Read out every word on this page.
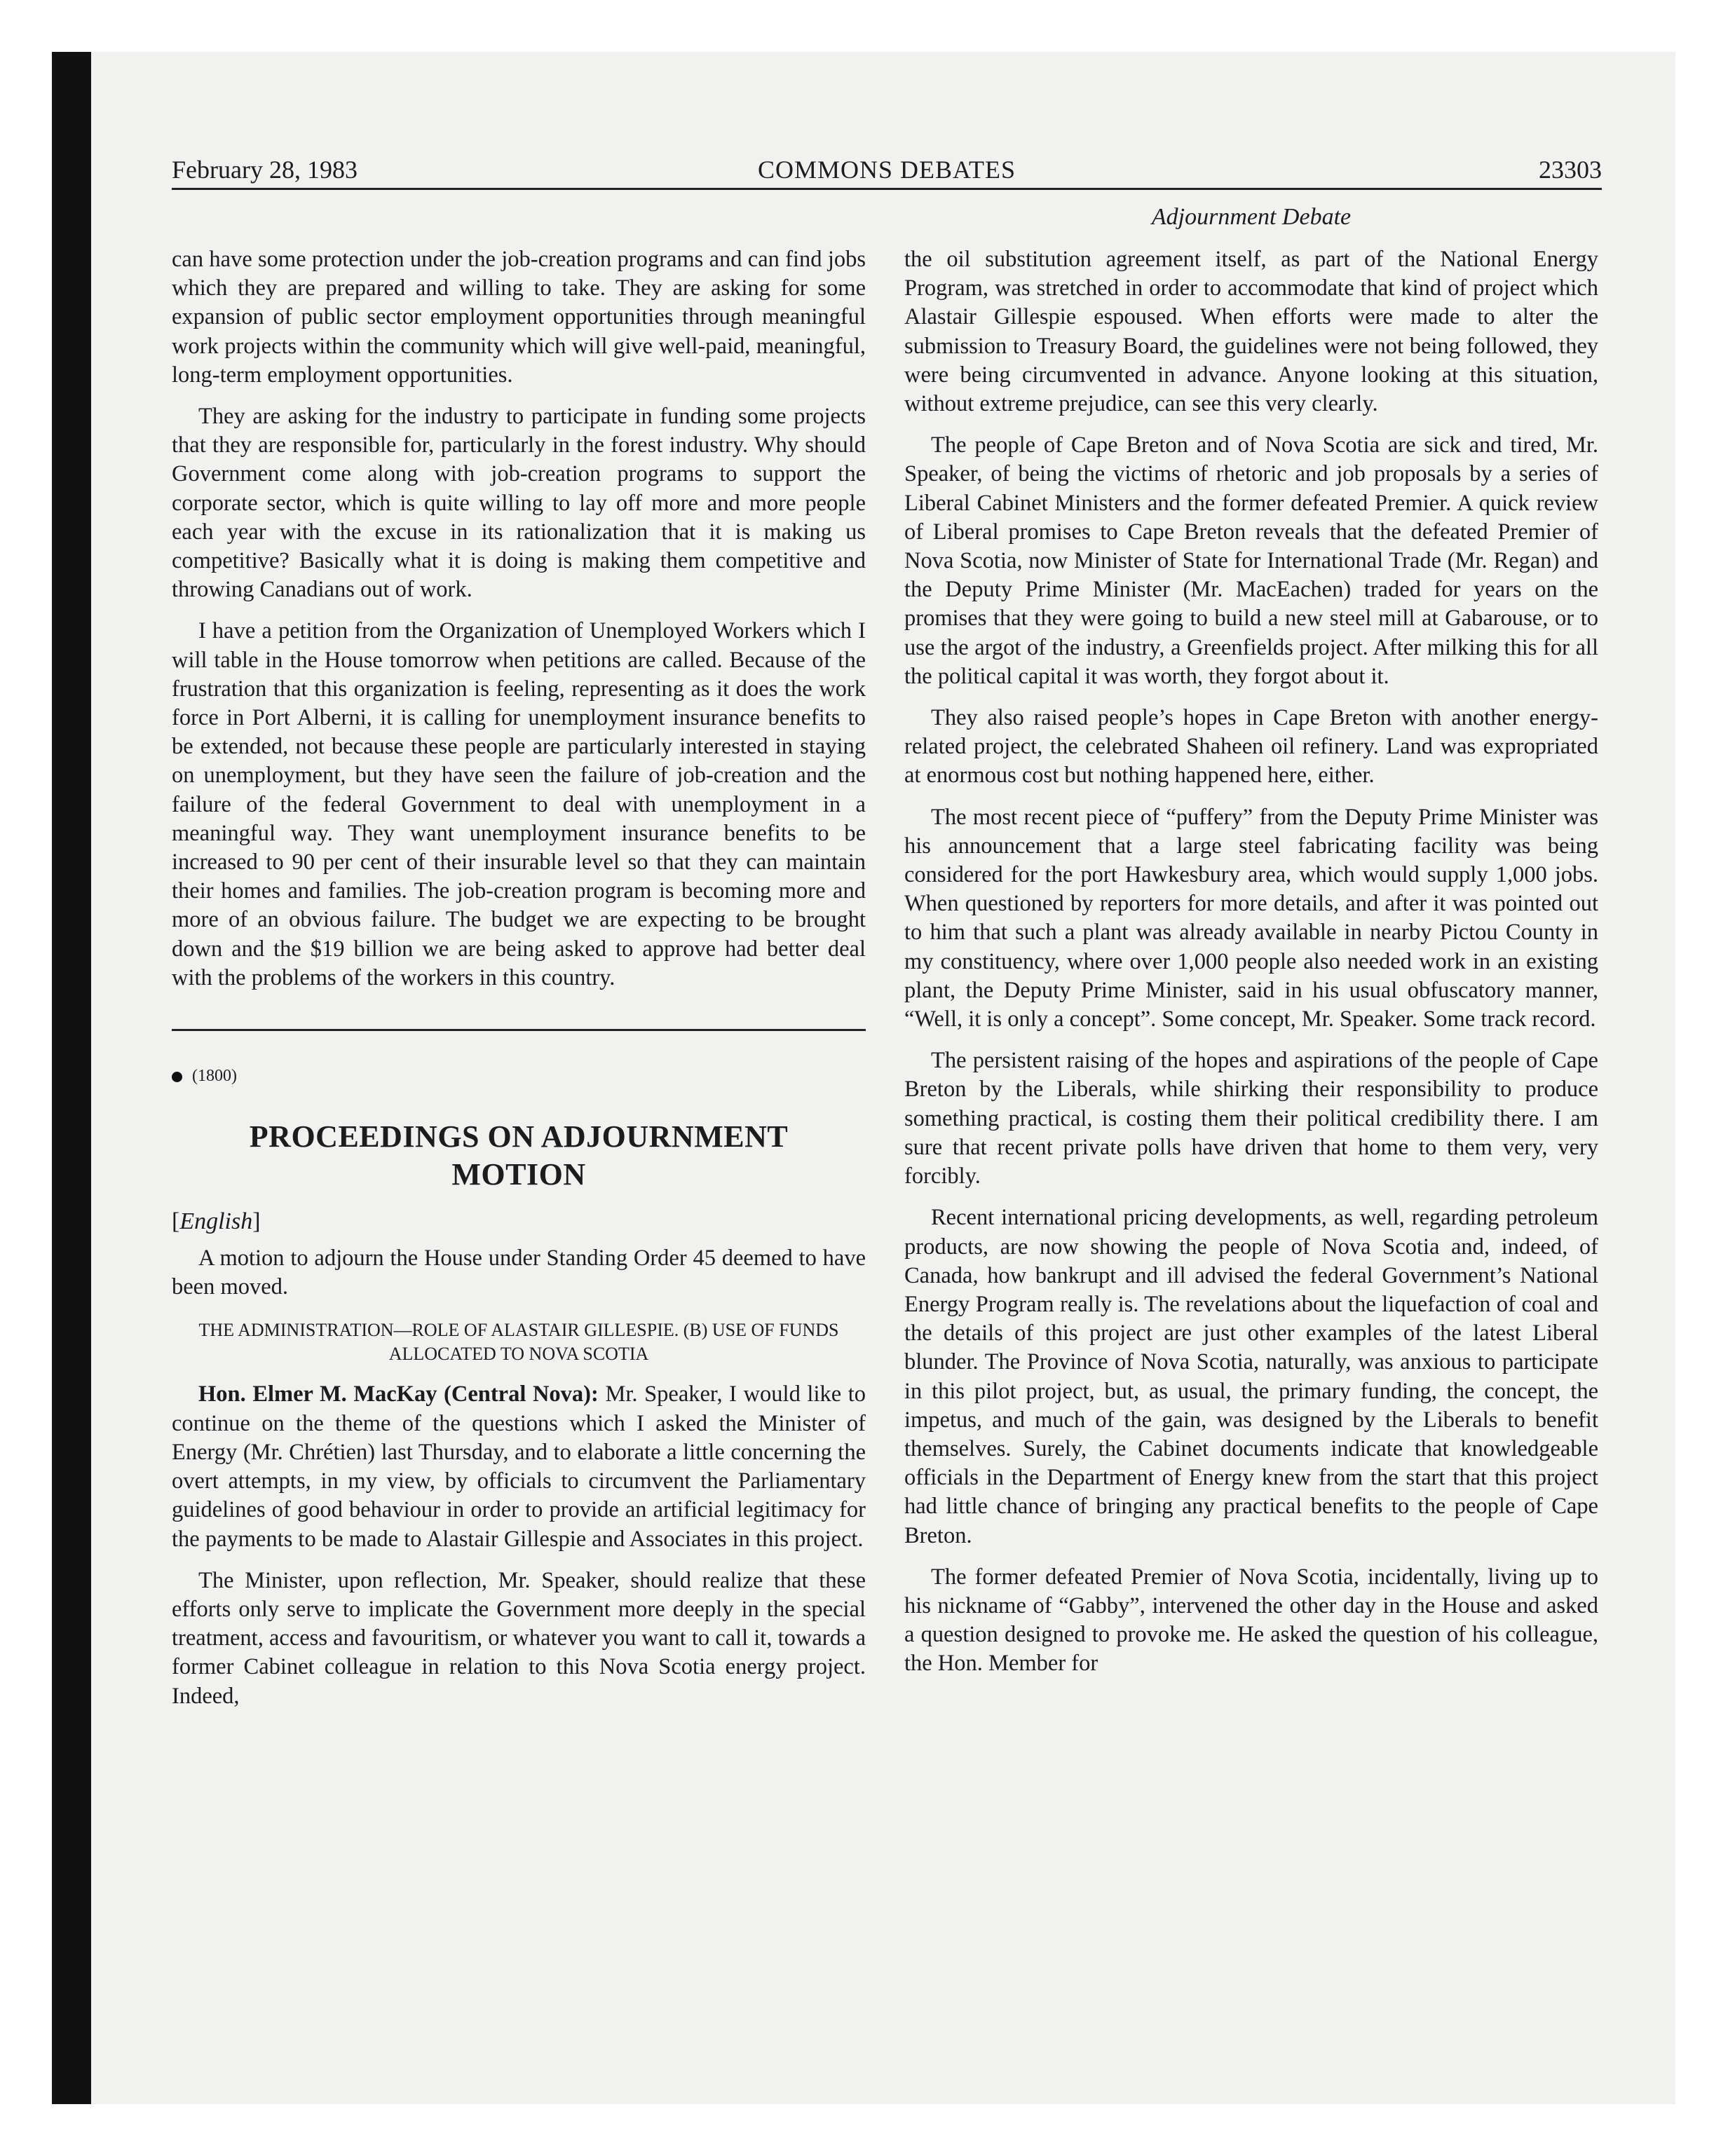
February 28, 1983	COMMONS DEBATES	23303
Adjournment Debate

can have some protection under the job-creation programs and can find jobs which they are prepared and willing to take. They are asking for some expansion of public sector employment opportunities through meaningful work projects within the community which will give well-paid, meaningful, long-term employment opportunities.

They are asking for the industry to participate in funding some projects that they are responsible for, particularly in the forest industry. Why should Government come along with job-creation programs to support the corporate sector, which is quite willing to lay off more and more people each year with the excuse in its rationalization that it is making us competitive? Basically what it is doing is making them competitive and throwing Canadians out of work.

I have a petition from the Organization of Unemployed Workers which I will table in the House tomorrow when petitions are called. Because of the frustration that this organization is feeling, representing as it does the work force in Port Alberni, it is calling for unemployment insurance benefits to be extended, not because these people are particularly interested in staying on unemployment, but they have seen the failure of job-creation and the failure of the federal Government to deal with unemployment in a meaningful way. They want unemployment insurance benefits to be increased to 90 per cent of their insurable level so that they can maintain their homes and families. The job-creation program is becoming more and more of an obvious failure. The budget we are expecting to be brought down and the $19 billion we are being asked to approve had better deal with the problems of the workers in this country.

(1800)
PROCEEDINGS ON ADJOURNMENT MOTION
[English]

A motion to adjourn the House under Standing Order 45 deemed to have been moved.

THE ADMINISTRATION—ROLE OF ALASTAIR GILLESPIE. (B) USE OF FUNDS ALLOCATED TO NOVA SCOTIA

Hon. Elmer M. MacKay (Central Nova): Mr. Speaker, I would like to continue on the theme of the questions which I asked the Minister of Energy (Mr. Chrétien) last Thursday, and to elaborate a little concerning the overt attempts, in my view, by officials to circumvent the Parliamentary guidelines of good behaviour in order to provide an artificial legitimacy for the payments to be made to Alastair Gillespie and Associates in this project.

The Minister, upon reflection, Mr. Speaker, should realize that these efforts only serve to implicate the Government more deeply in the special treatment, access and favouritism, or whatever you want to call it, towards a former Cabinet colleague in relation to this Nova Scotia energy project. Indeed,

the oil substitution agreement itself, as part of the National Energy Program, was stretched in order to accommodate that kind of project which Alastair Gillespie espoused. When efforts were made to alter the submission to Treasury Board, the guidelines were not being followed, they were being circumvented in advance. Anyone looking at this situation, without extreme prejudice, can see this very clearly.

The people of Cape Breton and of Nova Scotia are sick and tired, Mr. Speaker, of being the victims of rhetoric and job proposals by a series of Liberal Cabinet Ministers and the former defeated Premier. A quick review of Liberal promises to Cape Breton reveals that the defeated Premier of Nova Scotia, now Minister of State for International Trade (Mr. Regan) and the Deputy Prime Minister (Mr. MacEachen) traded for years on the promises that they were going to build a new steel mill at Gabarouse, or to use the argot of the industry, a Greenfields project. After milking this for all the political capital it was worth, they forgot about it.

They also raised people’s hopes in Cape Breton with another energy-related project, the celebrated Shaheen oil refinery. Land was expropriated at enormous cost but nothing happened here, either.

The most recent piece of “puffery” from the Deputy Prime Minister was his announcement that a large steel fabricating facility was being considered for the port Hawkesbury area, which would supply 1,000 jobs. When questioned by reporters for more details, and after it was pointed out to him that such a plant was already available in nearby Pictou County in my constituency, where over 1,000 people also needed work in an existing plant, the Deputy Prime Minister, said in his usual obfuscatory manner, “Well, it is only a concept”. Some concept, Mr. Speaker. Some track record.

The persistent raising of the hopes and aspirations of the people of Cape Breton by the Liberals, while shirking their responsibility to produce something practical, is costing them their political credibility there. I am sure that recent private polls have driven that home to them very, very forcibly.

Recent international pricing developments, as well, regarding petroleum products, are now showing the people of Nova Scotia and, indeed, of Canada, how bankrupt and ill advised the federal Government’s National Energy Program really is. The revelations about the liquefaction of coal and the details of this project are just other examples of the latest Liberal blunder. The Province of Nova Scotia, naturally, was anxious to participate in this pilot project, but, as usual, the primary funding, the concept, the impetus, and much of the gain, was designed by the Liberals to benefit themselves. Surely, the Cabinet documents indicate that knowledgeable officials in the Department of Energy knew from the start that this project had little chance of bringing any practical benefits to the people of Cape Breton.

The former defeated Premier of Nova Scotia, incidentally, living up to his nickname of “Gabby”, intervened the other day in the House and asked a question designed to provoke me. He asked the question of his colleague, the Hon. Member for
